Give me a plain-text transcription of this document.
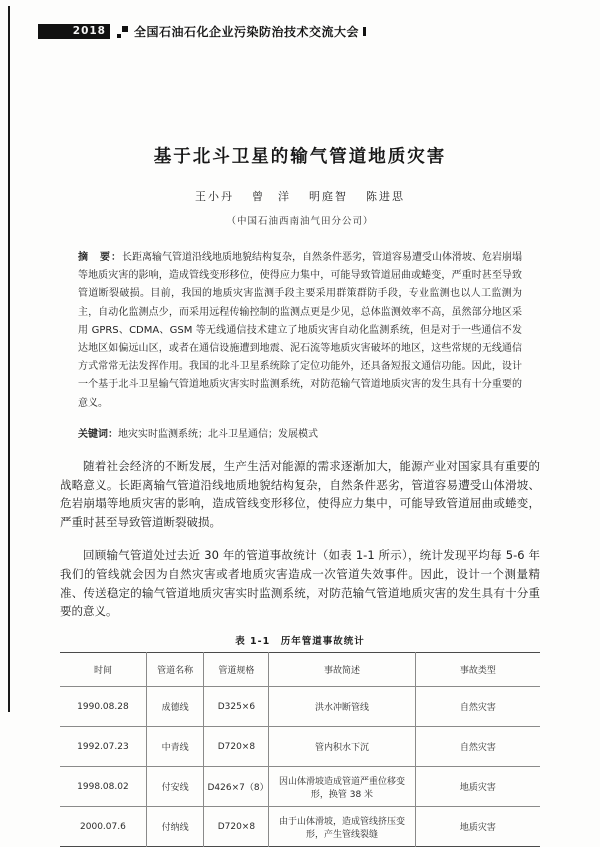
2018	全国石油石化企业污染防治技术交流大会
基于北斗卫星的输气管道地质灾害
王小丹 曾　洋 明庭智 陈进思
（中国石油西南油气田分公司）

摘　要：长距离输气管道沿线地质地貌结构复杂，自然条件恶劣，管道容易遭受山体滑坡、危岩崩塌等地质灾害的影响，造成管线变形移位，使得应力集中，可能导致管道屈曲或蜷变，严重时甚至导致管道断裂破损。目前，我国的地质灾害监测手段主要采用群策群防手段，专业监测也以人工监测为主，自动化监测点少，而采用远程传输控制的监测点更是少见，总体监测效率不高，虽然部分地区采用 GPRS、CDMA、GSM 等无线通信技术建立了地质灾害自动化监测系统，但是对于一些通信不发达地区如偏远山区，或者在通信设施遭到地震、泥石流等地质灾害破坏的地区，这些常规的无线通信方式常常无法发挥作用。我国的北斗卫星系统除了定位功能外，还具备短报文通信功能。因此，设计一个基于北斗卫星输气管道地质灾害实时监测系统，对防范输气管道地质灾害的发生具有十分重要的意义。

关键词：地灾实时监测系统；北斗卫星通信；发展模式

随着社会经济的不断发展，生产生活对能源的需求逐渐加大，能源产业对国家具有重要的战略意义。长距离输气管道沿线地质地貌结构复杂，自然条件恶劣，管道容易遭受山体滑坡、危岩崩塌等地质灾害的影响，造成管线变形移位，使得应力集中，可能导致管道屈曲或蜷变，严重时甚至导致管道断裂破损。

回顾输气管道处过去近 30 年的管道事故统计（如表 1-1 所示），统计发现平均每 5-6 年我们的管线就会因为自然灾害或者地质灾害造成一次管道失效事件。因此，设计一个测量精准、传送稳定的输气管道地质灾害实时监测系统，对防范输气管道地质灾害的发生具有十分重要的意义。

表 1-1　历年管道事故统计
时间	管道名称	管道规格	事故简述	事故类型
1990.08.28	成德线	D325×6	洪水冲断管线	自然灾害
1992.07.23	中青线	D720×8	管内积水下沉	自然灾害
1998.08.02	付安线	D426×7（8）	因山体滑坡造成管道严重位移变形，换管 38 米	地质灾害
2000.07.6	付纳线	D720×8	由于山体滑坡，造成管线挤压变形，产生管线裂缝	地质灾害
